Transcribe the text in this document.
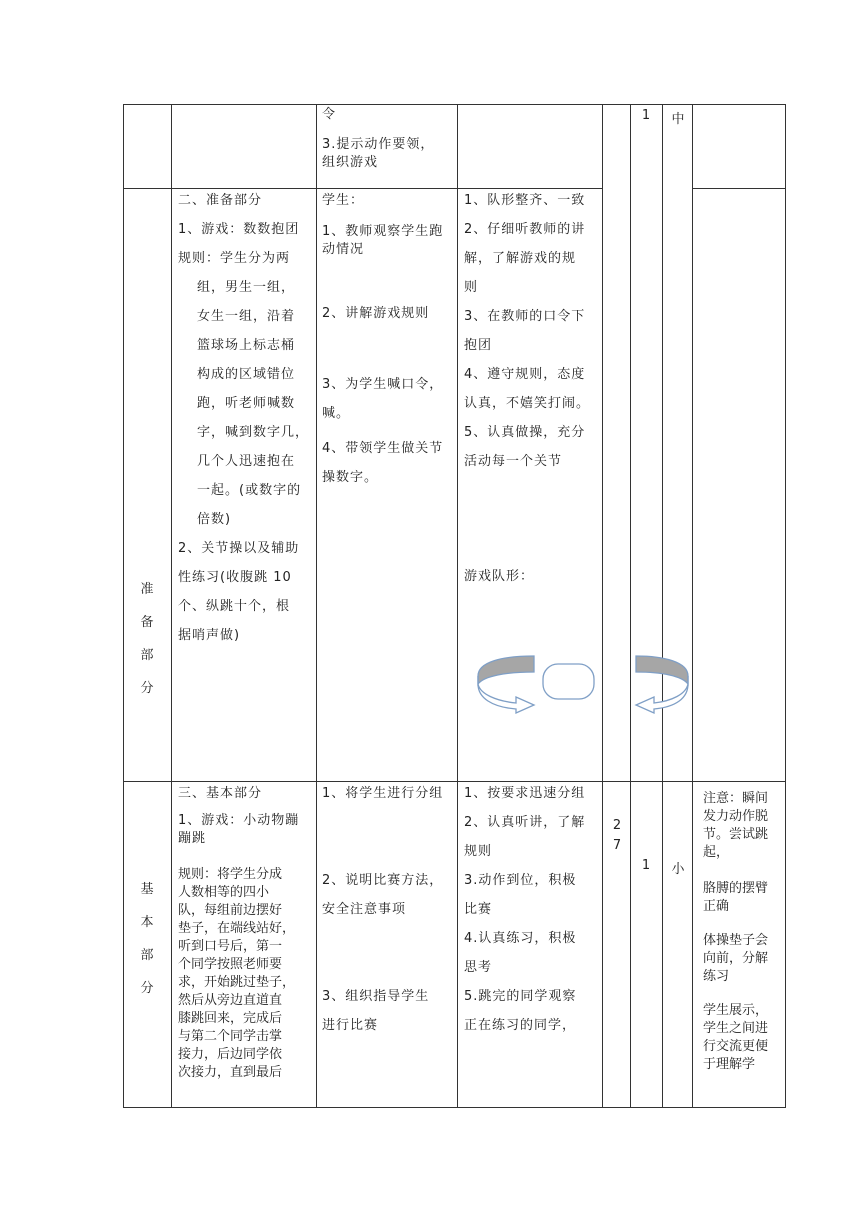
令

3.提示动作要领，

组织游戏

1	中

准

备

部

分

二、准备部分

1、游戏：数数抱团

规则：学生分为两

组，男生一组，

女生一组，沿着

篮球场上标志桶

构成的区域错位

跑，听老师喊数

字，喊到数字几，

几个人迅速抱在

一起。(或数字的

倍数)

2、关节操以及辅助

性练习(收腹跳 10

个、纵跳十个，根

据哨声做)

学生：

1、教师观察学生跑

动情况

2、讲解游戏规则

3、为学生喊口令，

喊。

4、带领学生做关节

操数字。

1、队形整齐、一致

2、仔细听教师的讲

解，了解游戏的规

则

3、在教师的口令下

抱团

4、遵守规则，态度

认真，不嬉笑打闹。

5、认真做操，充分

活动每一个关节

游戏队形：

基

本

部

分

三、基本部分

1、游戏：小动物蹦

蹦跳

规则：将学生分成

人数相等的四小

队，每组前边摆好

垫子，在端线站好，

听到口号后，第一

个同学按照老师要

求，开始跳过垫子，

然后从旁边直道直

膝跳回来，完成后

与第二个同学击掌

接力，后边同学依

次接力，直到最后

1、将学生进行分组

2、说明比赛方法，

安全注意事项

3、组织指导学生

进行比赛

1、按要求迅速分组

2、认真听讲，了解

规则

3.动作到位，积极

比赛

4.认真练习，积极

思考

5.跳完的同学观察

正在练习的同学，

27
1	小

注意：瞬间

发力动作脱

节。尝试跳

起，

胳膊的摆臂

正确

体操垫子会

向前，分解

练习

学生展示，

学生之间进

行交流更便

于理解学
